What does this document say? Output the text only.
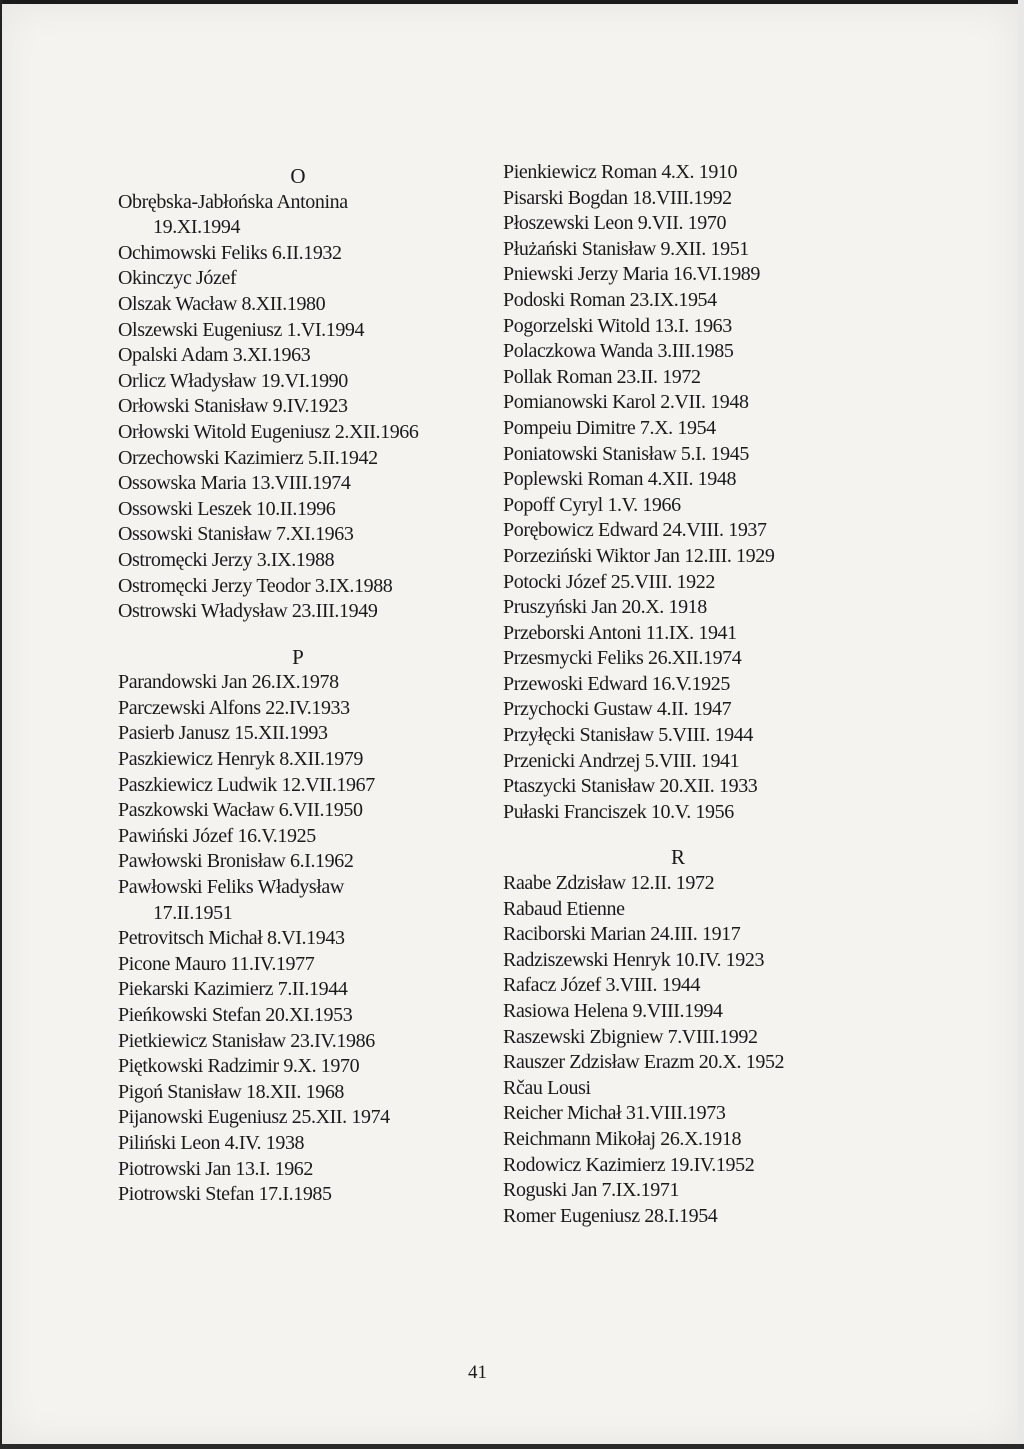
O
Obrębska-Jabłońska Antonina
19.XI.1994
Ochimowski Feliks 6.II.1932
Okinczyc Józef
Olszak Wacław 8.XII.1980
Olszewski Eugeniusz 1.VI.1994
Opalski Adam 3.XI.1963
Orlicz Władysław 19.VI.1990
Orłowski Stanisław 9.IV.1923
Orłowski Witold Eugeniusz 2.XII.1966
Orzechowski Kazimierz 5.II.1942
Ossowska Maria 13.VIII.1974
Ossowski Leszek 10.II.1996
Ossowski Stanisław 7.XI.1963
Ostromęcki Jerzy 3.IX.1988
Ostromęcki Jerzy Teodor 3.IX.1988
Ostrowski Władysław 23.III.1949
P
Parandowski Jan 26.IX.1978
Parczewski Alfons 22.IV.1933
Pasierb Janusz 15.XII.1993
Paszkiewicz Henryk 8.XII.1979
Paszkiewicz Ludwik 12.VII.1967
Paszkowski Wacław 6.VII.1950
Pawiński Józef 16.V.1925
Pawłowski Bronisław 6.I.1962
Pawłowski Feliks Władysław
17.II.1951
Petrovitsch Michał 8.VI.1943
Picone Mauro 11.IV.1977
Piekarski Kazimierz 7.II.1944
Pieńkowski Stefan 20.XI.1953
Pietkiewicz Stanisław 23.IV.1986
Piętkowski Radzimir 9.X. 1970
Pigoń Stanisław 18.XII. 1968
Pijanowski Eugeniusz 25.XII. 1974
Piliński Leon 4.IV. 1938
Piotrowski Jan 13.I. 1962
Piotrowski Stefan 17.I.1985
Pienkiewicz Roman 4.X. 1910
Pisarski Bogdan 18.VIII.1992
Płoszewski Leon 9.VII. 1970
Płużański Stanisław 9.XII. 1951
Pniewski Jerzy Maria 16.VI.1989
Podoski Roman 23.IX.1954
Pogorzelski Witold 13.I. 1963
Polaczkowa Wanda 3.III.1985
Pollak Roman 23.II. 1972
Pomianowski Karol 2.VII. 1948
Pompeiu Dimitre 7.X. 1954
Poniatowski Stanisław 5.I. 1945
Poplewski Roman 4.XII. 1948
Popoff Cyryl 1.V. 1966
Porębowicz Edward 24.VIII. 1937
Porzeziński Wiktor Jan 12.III. 1929
Potocki Józef 25.VIII. 1922
Pruszyński Jan 20.X. 1918
Przeborski Antoni 11.IX. 1941
Przesmycki Feliks 26.XII.1974
Przewoski Edward 16.V.1925
Przychocki Gustaw 4.II. 1947
Przyłęcki Stanisław 5.VIII. 1944
Przenicki Andrzej 5.VIII. 1941
Ptaszycki Stanisław 20.XII. 1933
Pułaski Franciszek 10.V. 1956
R
Raabe Zdzisław 12.II. 1972
Rabaud Etienne
Raciborski Marian 24.III. 1917
Radziszewski Henryk 10.IV. 1923
Rafacz Józef 3.VIII. 1944
Rasiowa Helena 9.VIII.1994
Raszewski Zbigniew 7.VIII.1992
Rauszer Zdzisław Erazm 20.X. 1952
Rčau Lousi
Reicher Michał 31.VIII.1973
Reichmann Mikołaj 26.X.1918
Rodowicz Kazimierz 19.IV.1952
Roguski Jan 7.IX.1971
Romer Eugeniusz 28.I.1954
41
